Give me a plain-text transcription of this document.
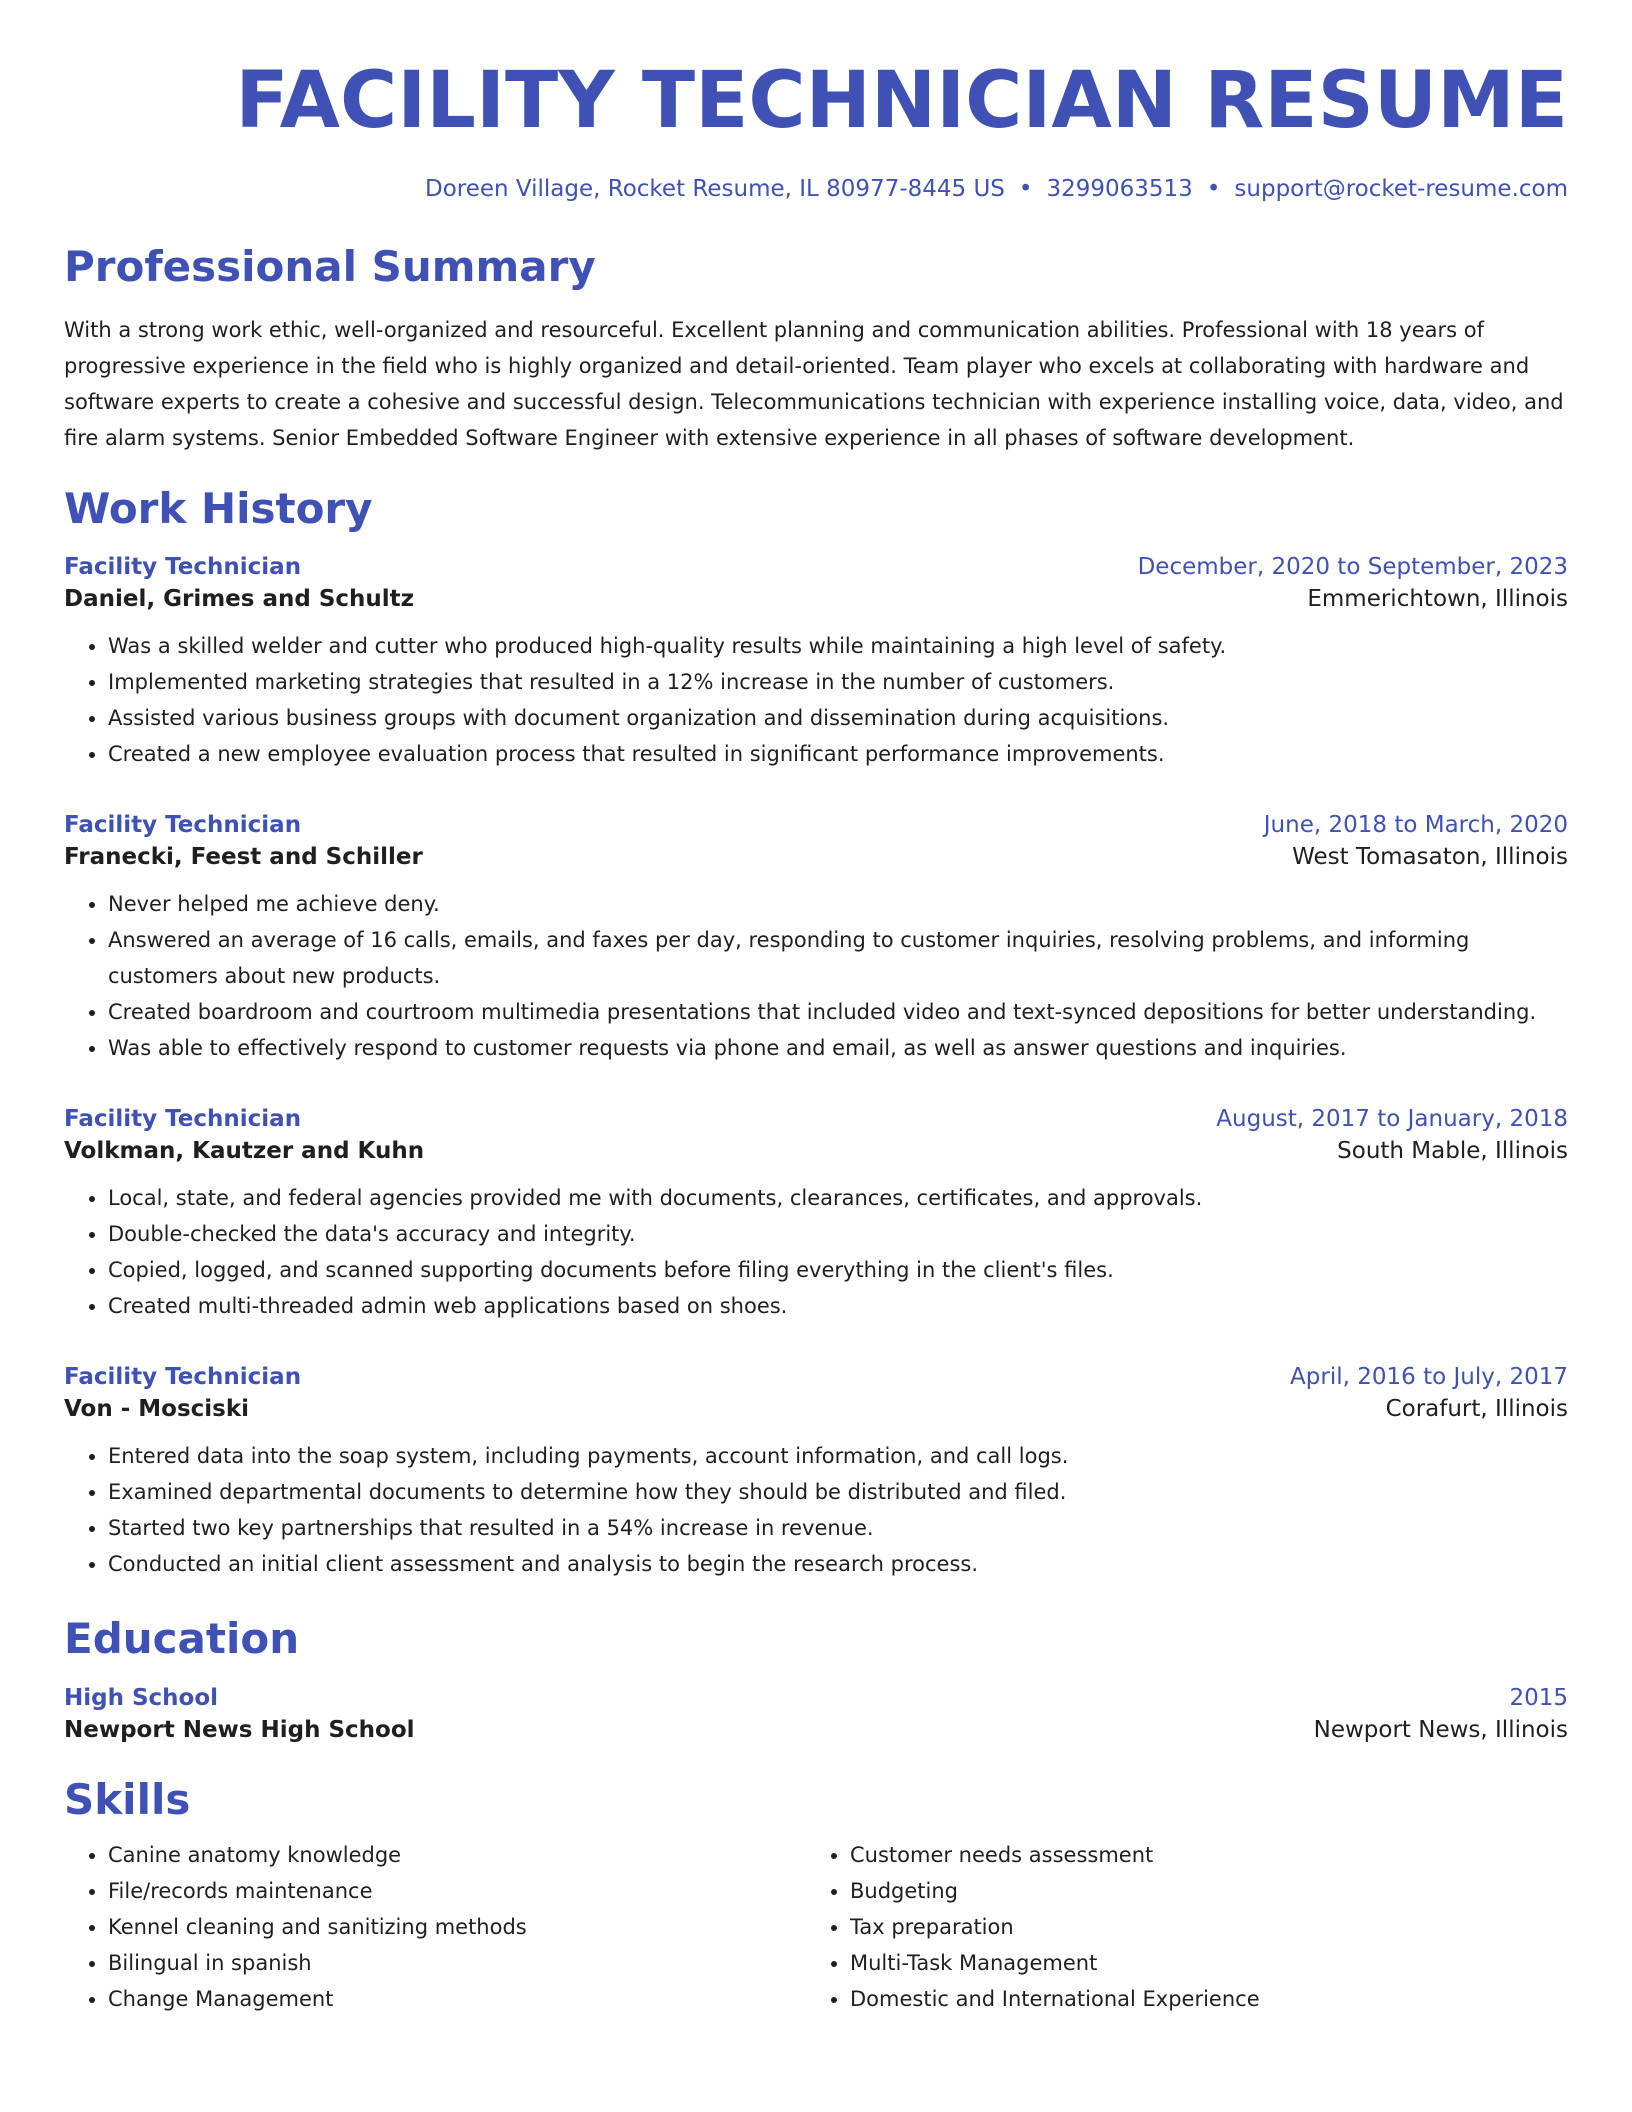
FACILITY TECHNICIAN RESUME
Doreen Village, Rocket Resume, IL 80977-8445 US • 3299063513 • support@rocket-resume.com
Professional Summary
With a strong work ethic, well-organized and resourceful. Excellent planning and communication abilities. Professional with 18 years of progressive experience in the field who is highly organized and detail-oriented. Team player who excels at collaborating with hardware and software experts to create a cohesive and successful design. Telecommunications technician with experience installing voice, data, video, and fire alarm systems. Senior Embedded Software Engineer with extensive experience in all phases of software development.
Work History
Facility Technician	December, 2020 to September, 2023
Daniel, Grimes and Schultz	Emmerichtown, Illinois
• Was a skilled welder and cutter who produced high-quality results while maintaining a high level of safety.
• Implemented marketing strategies that resulted in a 12% increase in the number of customers.
• Assisted various business groups with document organization and dissemination during acquisitions.
• Created a new employee evaluation process that resulted in significant performance improvements.
Facility Technician	June, 2018 to March, 2020
Franecki, Feest and Schiller	West Tomasaton, Illinois
• Never helped me achieve deny.
• Answered an average of 16 calls, emails, and faxes per day, responding to customer inquiries, resolving problems, and informing customers about new products.
• Created boardroom and courtroom multimedia presentations that included video and text-synced depositions for better understanding.
• Was able to effectively respond to customer requests via phone and email, as well as answer questions and inquiries.
Facility Technician	August, 2017 to January, 2018
Volkman, Kautzer and Kuhn	South Mable, Illinois
• Local, state, and federal agencies provided me with documents, clearances, certificates, and approvals.
• Double-checked the data's accuracy and integrity.
• Copied, logged, and scanned supporting documents before filing everything in the client's files.
• Created multi-threaded admin web applications based on shoes.
Facility Technician	April, 2016 to July, 2017
Von - Mosciski	Corafurt, Illinois
• Entered data into the soap system, including payments, account information, and call logs.
• Examined departmental documents to determine how they should be distributed and filed.
• Started two key partnerships that resulted in a 54% increase in revenue.
• Conducted an initial client assessment and analysis to begin the research process.
Education
High School	2015
Newport News High School	Newport News, Illinois
Skills
• Canine anatomy knowledge
• File/records maintenance
• Kennel cleaning and sanitizing methods
• Bilingual in spanish
• Change Management
• Customer needs assessment
• Budgeting
• Tax preparation
• Multi-Task Management
• Domestic and International Experience
